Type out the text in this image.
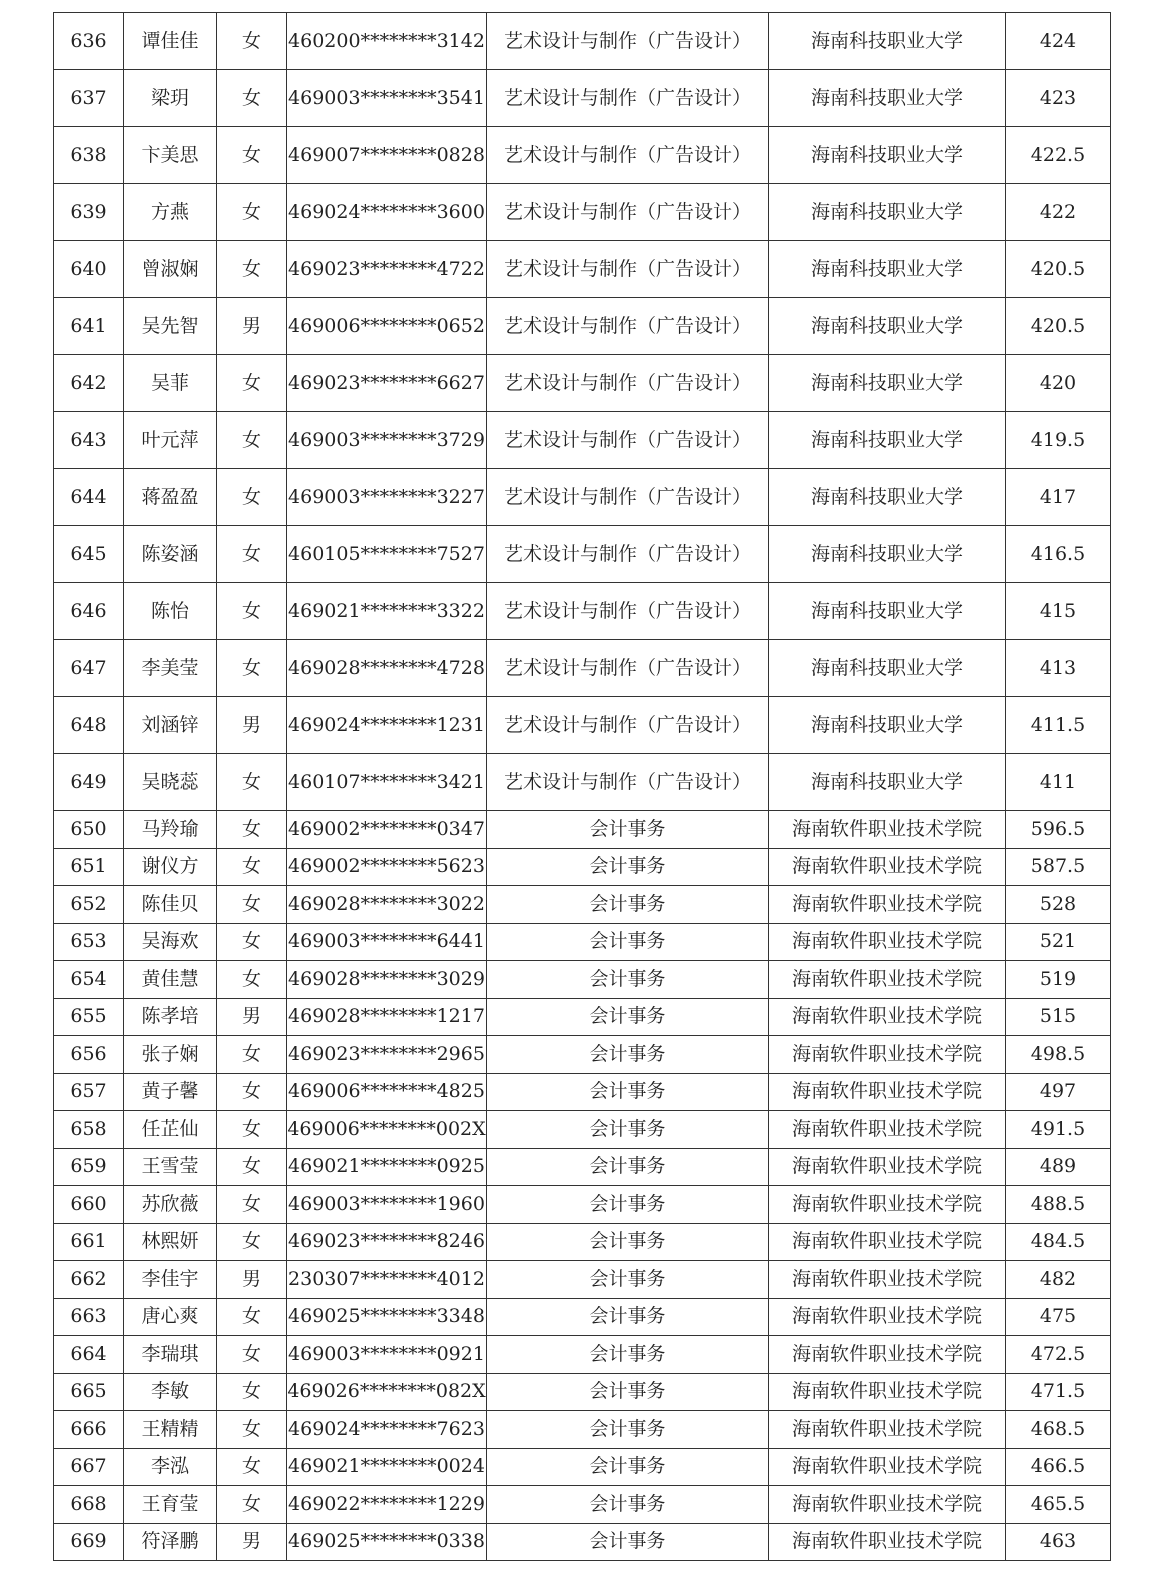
636	谭佳佳	女	460200********3142	艺术设计与制作（广告设计）	海南科技职业大学	424
637	梁玥	女	469003********3541	艺术设计与制作（广告设计）	海南科技职业大学	423
638	卞美思	女	469007********0828	艺术设计与制作（广告设计）	海南科技职业大学	422.5
639	方燕	女	469024********3600	艺术设计与制作（广告设计）	海南科技职业大学	422
640	曾淑娴	女	469023********4722	艺术设计与制作（广告设计）	海南科技职业大学	420.5
641	吴先智	男	469006********0652	艺术设计与制作（广告设计）	海南科技职业大学	420.5
642	吴菲	女	469023********6627	艺术设计与制作（广告设计）	海南科技职业大学	420
643	叶元萍	女	469003********3729	艺术设计与制作（广告设计）	海南科技职业大学	419.5
644	蒋盈盈	女	469003********3227	艺术设计与制作（广告设计）	海南科技职业大学	417
645	陈姿涵	女	460105********7527	艺术设计与制作（广告设计）	海南科技职业大学	416.5
646	陈怡	女	469021********3322	艺术设计与制作（广告设计）	海南科技职业大学	415
647	李美莹	女	469028********4728	艺术设计与制作（广告设计）	海南科技职业大学	413
648	刘涵锌	男	469024********1231	艺术设计与制作（广告设计）	海南科技职业大学	411.5
649	吴晓蕊	女	460107********3421	艺术设计与制作（广告设计）	海南科技职业大学	411
650	马羚瑜	女	469002********0347	会计事务	海南软件职业技术学院	596.5
651	谢仪方	女	469002********5623	会计事务	海南软件职业技术学院	587.5
652	陈佳贝	女	469028********3022	会计事务	海南软件职业技术学院	528
653	吴海欢	女	469003********6441	会计事务	海南软件职业技术学院	521
654	黄佳慧	女	469028********3029	会计事务	海南软件职业技术学院	519
655	陈孝培	男	469028********1217	会计事务	海南软件职业技术学院	515
656	张子娴	女	469023********2965	会计事务	海南软件职业技术学院	498.5
657	黄子馨	女	469006********4825	会计事务	海南软件职业技术学院	497
658	任芷仙	女	469006********002X	会计事务	海南软件职业技术学院	491.5
659	王雪莹	女	469021********0925	会计事务	海南软件职业技术学院	489
660	苏欣薇	女	469003********1960	会计事务	海南软件职业技术学院	488.5
661	林熙妍	女	469023********8246	会计事务	海南软件职业技术学院	484.5
662	李佳宇	男	230307********4012	会计事务	海南软件职业技术学院	482
663	唐心爽	女	469025********3348	会计事务	海南软件职业技术学院	475
664	李瑞琪	女	469003********0921	会计事务	海南软件职业技术学院	472.5
665	李敏	女	469026********082X	会计事务	海南软件职业技术学院	471.5
666	王精精	女	469024********7623	会计事务	海南软件职业技术学院	468.5
667	李泓	女	469021********0024	会计事务	海南软件职业技术学院	466.5
668	王育莹	女	469022********1229	会计事务	海南软件职业技术学院	465.5
669	符泽鹏	男	469025********0338	会计事务	海南软件职业技术学院	463
